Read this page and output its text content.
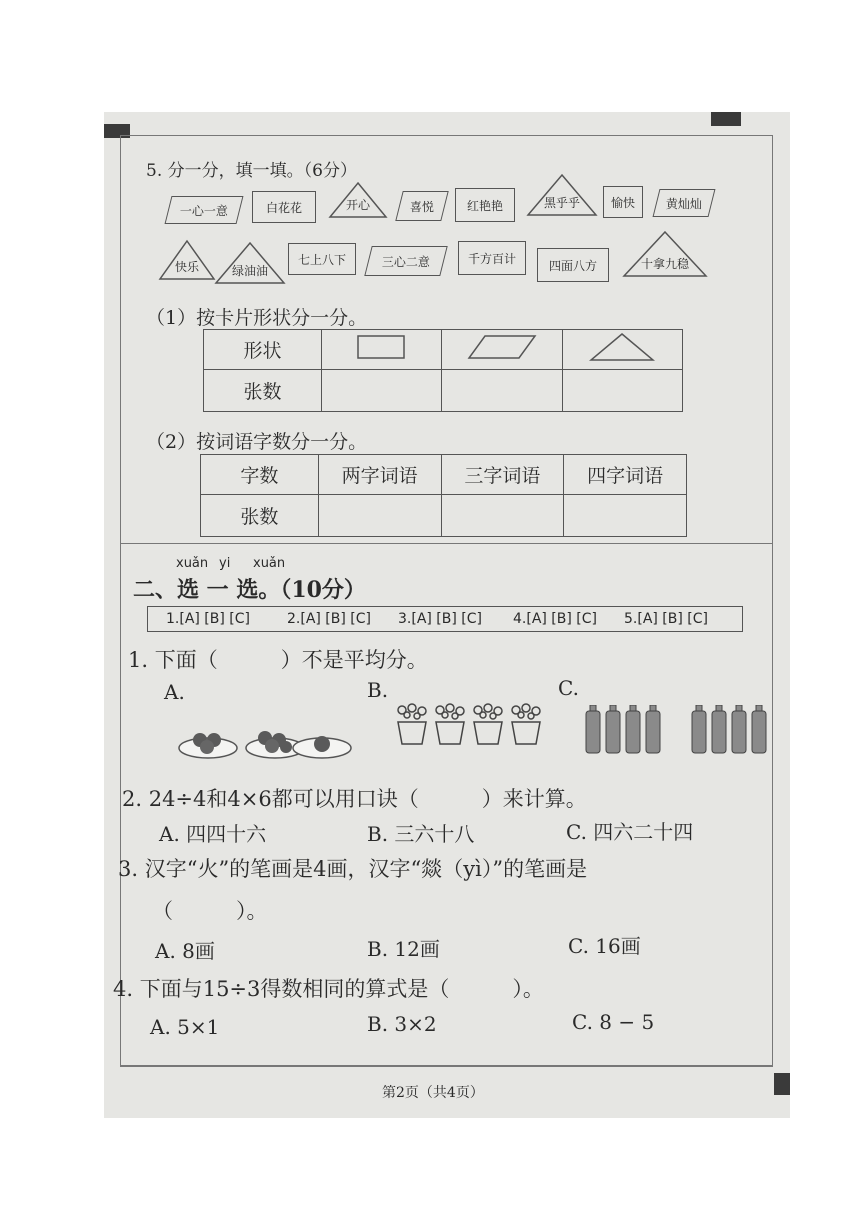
5. 分一分，填一填。（6分）
一心一意	白花花	开心	喜悦	红艳艳	黑乎乎	愉快	黄灿灿
快乐	绿油油
七上八下	三心二意	千方百计	四面八方	十拿九稳
（1）按卡片形状分一分。
形状			
张数			
（2）按词语字数分一分。
字数	两字词语	三字词语	四字词语
张数			
xuǎn yi xuǎn
二、选 一 选。（10分）
1.[A] [B] [C]	2.[A] [B] [C] 3.[A] [B] [C] 4.[A] [B] [C] 5.[A] [B] [C]
1. 下面（　　　）不是平均分。
A.	B.	C.
2. 24÷4和4×6都可以用口诀（　　　）来计算。
A. 四四十六	B. 三六十八	C. 四六二十四
3. 汉字“火”的笔画是4画，汉字“燚（yì）”的笔画是
（　　　）。
A. 8画	B. 12画	C. 16画
4. 下面与15÷3得数相同的算式是（　　　）。
A. 5×1	B. 3×2	C. 8 − 5
第2页（共4页）
